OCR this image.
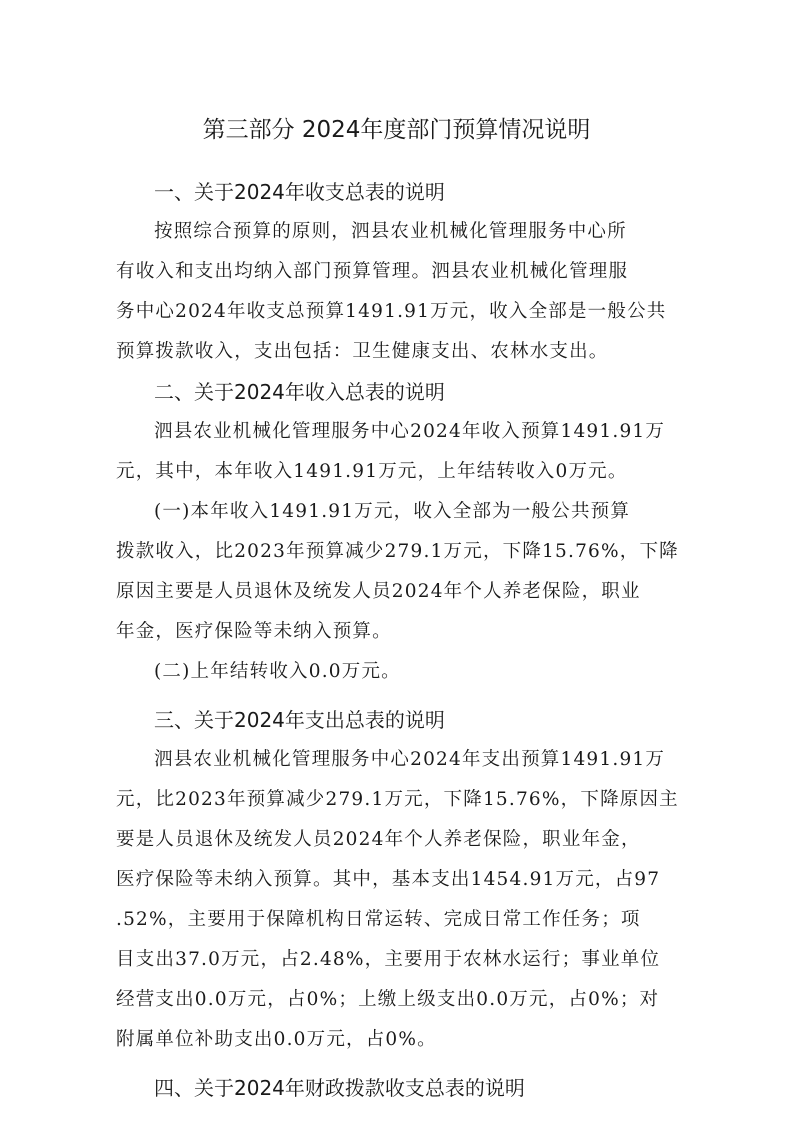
第三部分 2024年度部门预算情况说明
一、关于2024年收支总表的说明

按照综合预算的原则，泗县农业机械化管理服务中心所
有收入和支出均纳入部门预算管理。泗县农业机械化管理服
务中心2024年收支总预算1491.91万元，收入全部是一般公共
预算拨款收入，支出包括：卫生健康支出、农林水支出。

二、关于2024年收入总表的说明

泗县农业机械化管理服务中心2024年收入预算1491.91万
元，其中，本年收入1491.91万元，上年结转收入0万元。

(一)本年收入1491.91万元，收入全部为一般公共预算
拨款收入，比2023年预算减少279.1万元，下降15.76%，下降
原因主要是人员退休及统发人员2024年个人养老保险，职业
年金，医疗保险等未纳入预算。

(二)上年结转收入0.0万元。

三、关于2024年支出总表的说明

泗县农业机械化管理服务中心2024年支出预算1491.91万
元，比2023年预算减少279.1万元，下降15.76%，下降原因主
要是人员退休及统发人员2024年个人养老保险，职业年金，
医疗保险等未纳入预算。其中，基本支出1454.91万元，占97
.52%，主要用于保障机构日常运转、完成日常工作任务；项
目支出37.0万元，占2.48%，主要用于农林水运行；事业单位
经营支出0.0万元，占0%；上缴上级支出0.0万元，占0%；对
附属单位补助支出0.0万元，占0%。

四、关于2024年财政拨款收支总表的说明
